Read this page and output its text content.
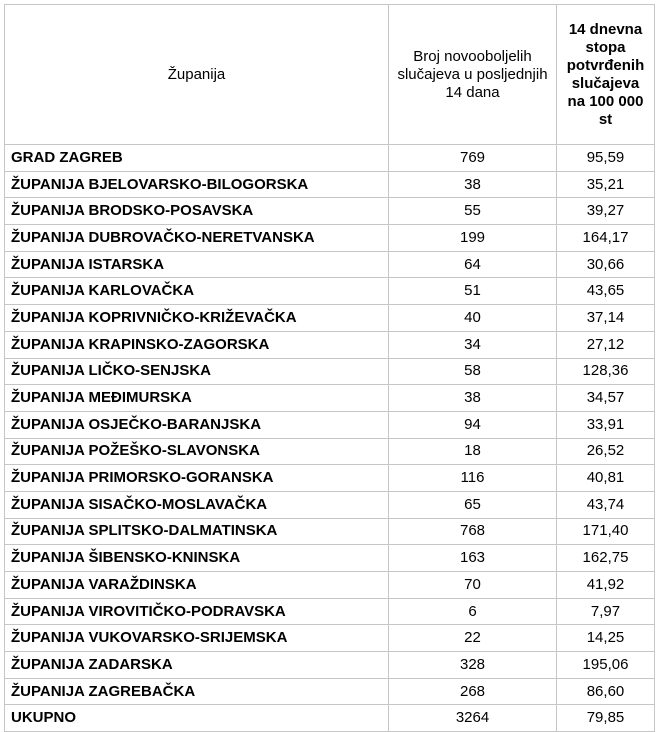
Županija	Broj novooboljelih slučajeva u posljednjih 14 dana	14 dnevna stopa potvrđenih slučajeva na 100 000 st
GRAD ZAGREB	769	95,59
ŽUPANIJA BJELOVARSKO-BILOGORSKA	38	35,21
ŽUPANIJA BRODSKO-POSAVSKA	55	39,27
ŽUPANIJA DUBROVAČKO-NERETVANSKA	199	164,17
ŽUPANIJA ISTARSKA	64	30,66
ŽUPANIJA KARLOVAČKA	51	43,65
ŽUPANIJA KOPRIVNIČKO-KRIŽEVAČKA	40	37,14
ŽUPANIJA KRAPINSKO-ZAGORSKA	34	27,12
ŽUPANIJA LIČKO-SENJSKA	58	128,36
ŽUPANIJA MEĐIMURSKA	38	34,57
ŽUPANIJA OSJEČKO-BARANJSKA	94	33,91
ŽUPANIJA POŽEŠKO-SLAVONSKA	18	26,52
ŽUPANIJA PRIMORSKO-GORANSKA	116	40,81
ŽUPANIJA SISAČKO-MOSLAVAČKA	65	43,74
ŽUPANIJA SPLITSKO-DALMATINSKA	768	171,40
ŽUPANIJA ŠIBENSKO-KNINSKA	163	162,75
ŽUPANIJA VARAŽDINSKA	70	41,92
ŽUPANIJA VIROVITIČKO-PODRAVSKA	6	7,97
ŽUPANIJA VUKOVARSKO-SRIJEMSKA	22	14,25
ŽUPANIJA ZADARSKA	328	195,06
ŽUPANIJA ZAGREBAČKA	268	86,60
UKUPNO	3264	79,85
